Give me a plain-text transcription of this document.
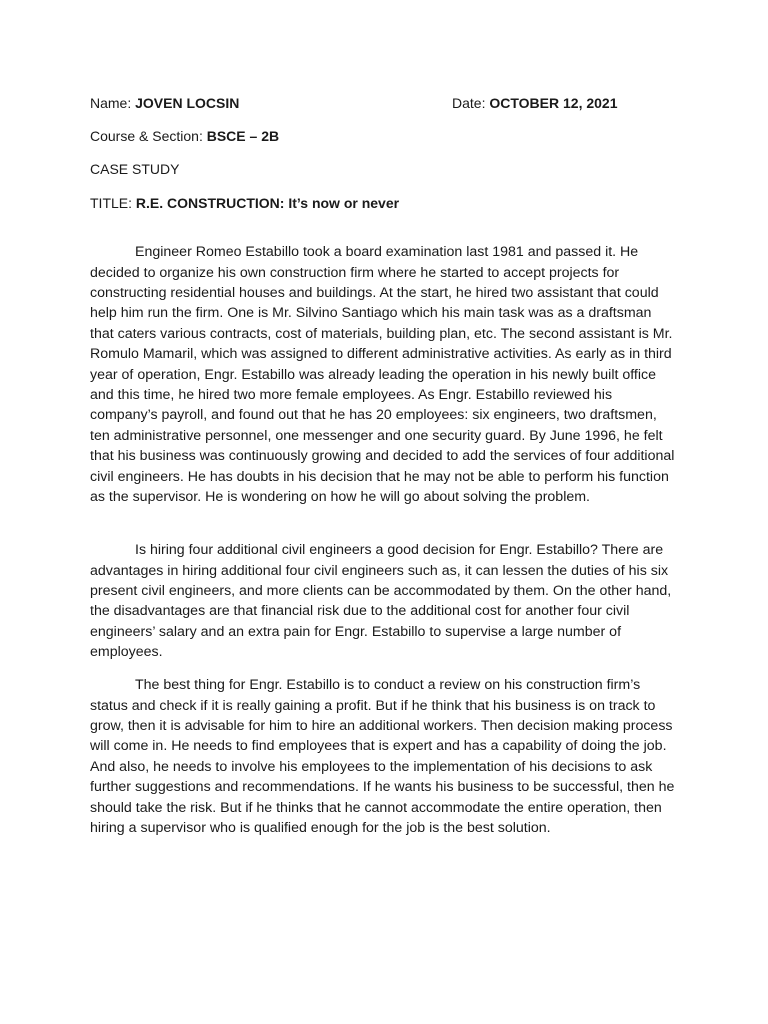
Name: JOVEN LOCSIN	Date: OCTOBER 12, 2021
Course & Section: BSCE – 2B
CASE STUDY
TITLE: R.E. CONSTRUCTION: It’s now or never

Engineer Romeo Estabillo took a board examination last 1981 and passed it. He decided to organize his own construction firm where he started to accept projects for constructing residential houses and buildings. At the start, he hired two assistant that could help him run the firm. One is Mr. Silvino Santiago which his main task was as a draftsman that caters various contracts, cost of materials, building plan, etc. The second assistant is Mr. Romulo Mamaril, which was assigned to different administrative activities. As early as in third year of operation, Engr. Estabillo was already leading the operation in his newly built office and this time, he hired two more female employees. As Engr. Estabillo reviewed his company’s payroll, and found out that he has 20 employees: six engineers, two draftsmen, ten administrative personnel, one messenger and one security guard. By June 1996, he felt that his business was continuously growing and decided to add the services of four additional civil engineers. He has doubts in his decision that he may not be able to perform his function as the supervisor. He is wondering on how he will go about solving the problem.

Is hiring four additional civil engineers a good decision for Engr. Estabillo? There are advantages in hiring additional four civil engineers such as, it can lessen the duties of his six present civil engineers, and more clients can be accommodated by them. On the other hand, the disadvantages are that financial risk due to the additional cost for another four civil engineers’ salary and an extra pain for Engr. Estabillo to supervise a large number of employees.

The best thing for Engr. Estabillo is to conduct a review on his construction firm’s status and check if it is really gaining a profit. But if he think that his business is on track to grow, then it is advisable for him to hire an additional workers. Then decision making process will come in. He needs to find employees that is expert and has a capability of doing the job. And also, he needs to involve his employees to the implementation of his decisions to ask further suggestions and recommendations. If he wants his business to be successful, then he should take the risk. But if he thinks that he cannot accommodate the entire operation, then hiring a supervisor who is qualified enough for the job is the best solution.
